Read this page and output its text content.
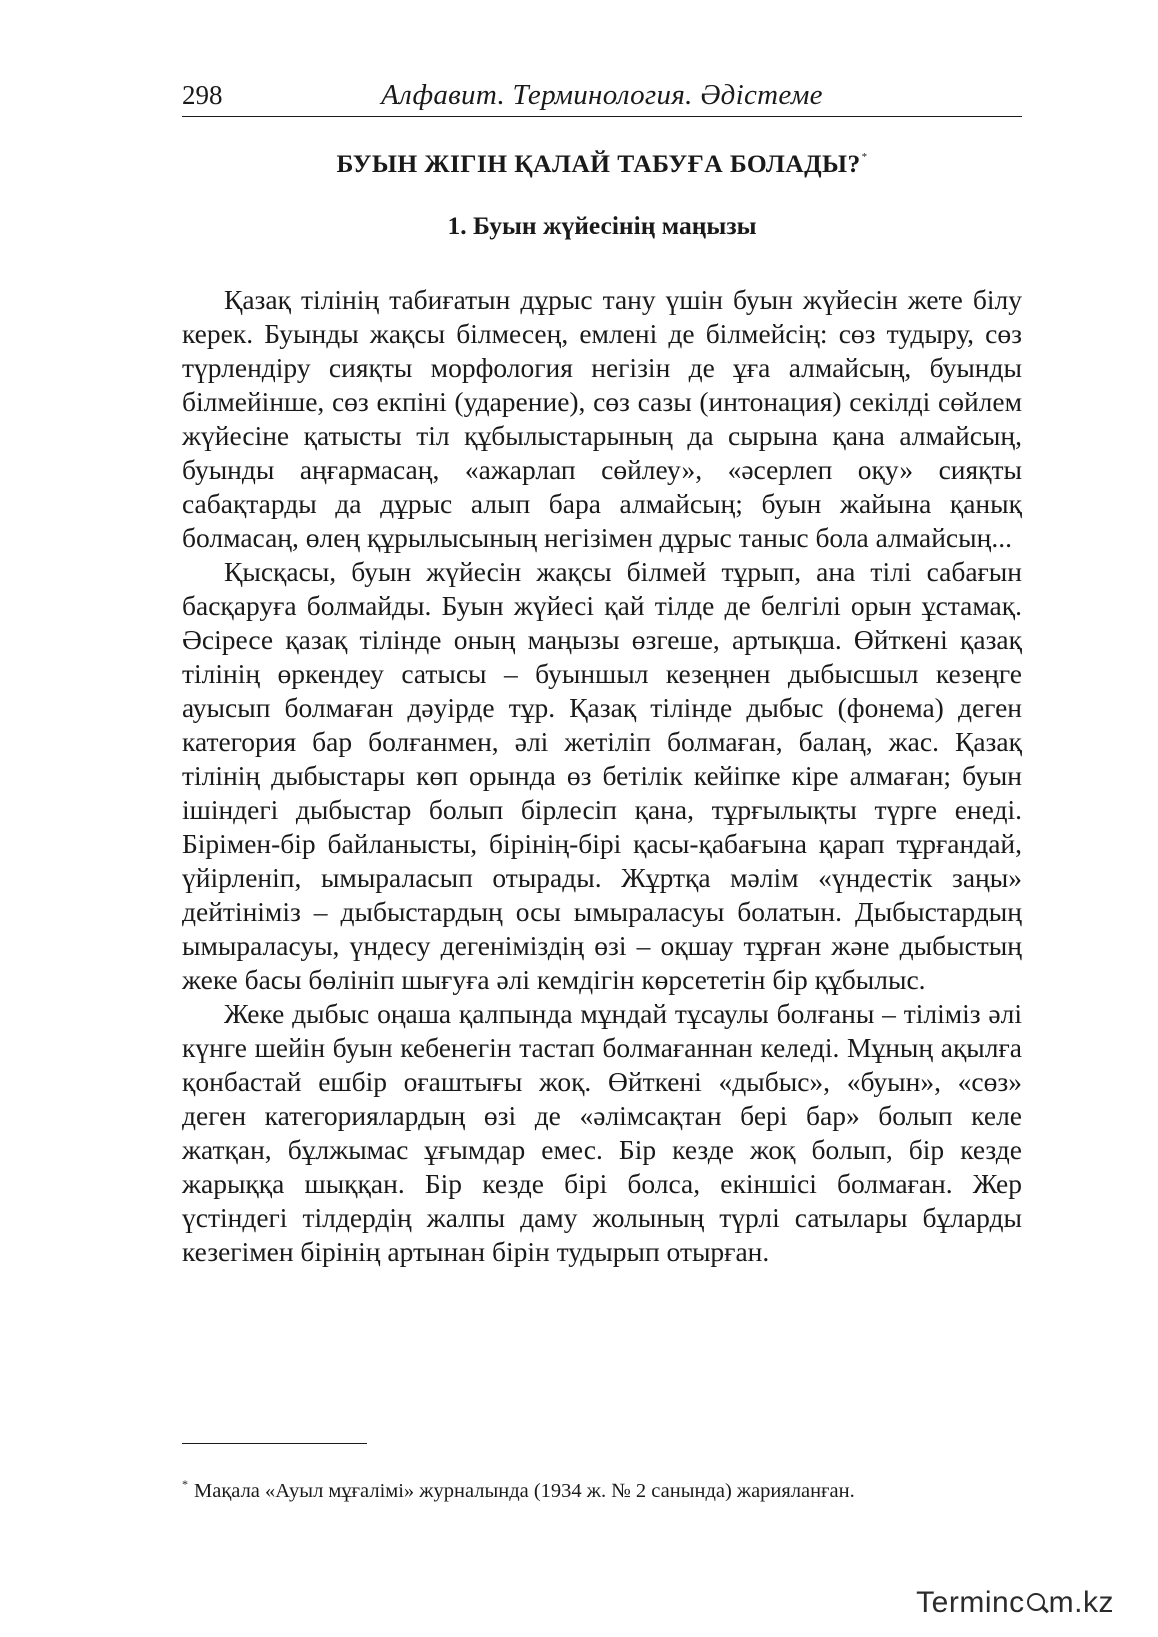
298	Алфавит. Терминология. Әдістеме
БУЫН ЖІГІН ҚАЛАЙ ТАБУҒА БОЛАДЫ?*
1. Буын жүйесінің маңызы

Қазақ тілінің табиғатын дұрыс тану үшін буын жүйесін жете білу керек. Буынды жақсы білмесең, емлені де білмейсің: сөз тудыру, сөз түрлендіру сияқты морфология негізін де ұға алмайсың, буынды білмейінше, сөз екпіні (ударение), сөз сазы (интонация) секілді сөйлем жүйесіне қатысты тіл құбылыстарының да сырына қана алмайсың, буынды аңғармасаң, «ажарлап сөйлеу», «әсерлеп оқу» сияқты сабақтарды да дұрыс алып бара алмайсың; буын жайына қанық болмасаң, өлең құрылысының негізімен дұрыс таныс бола алмайсың...

Қысқасы, буын жүйесін жақсы білмей тұрып, ана тілі сабағын басқаруға болмайды. Буын жүйесі қай тілде де белгілі орын ұстамақ. Әсіресе қазақ тілінде оның маңызы өзгеше, артықша. Өйткені қазақ тілінің өркендеу сатысы – буыншыл кезеңнен дыбысшыл кезеңге ауысып болмаған дәуірде тұр. Қазақ тілінде дыбыс (фонема) деген категория бар болғанмен, әлі жетіліп болмаған, балаң, жас. Қазақ тілінің дыбыстары көп орында өз бетілік кейіпке кіре алмаған; буын ішіндегі дыбыстар болып бірлесіп қана, тұрғылықты түрге енеді. Бірімен-бір байланысты, бірінің-бірі қасы-қабағына қарап тұрғандай, үйірленіп, ымыраласып отырады. Жұртқа мәлім «үндестік заңы» дейтініміз – дыбыстардың осы ымыраласуы болатын. Дыбыстардың ымыраласуы, үндесу дегеніміздің өзі – оқшау тұрған және дыбыстың жеке басы бөлініп шығуға әлі кемдігін көрсететін бір құбылыс.

Жеке дыбыс оңаша қалпында мұндай тұсаулы болғаны – тіліміз әлі күнге шейін буын кебенегін тастап болмағаннан келеді. Мұның ақылға қонбастай ешбір оғаштығы жоқ. Өйткені «дыбыс», «буын», «сөз» деген категориялардың өзі де «әлімсақтан бері бар» болып келе жатқан, бұлжымас ұғымдар емес. Бір кезде жоқ болып, бір кезде жарыққа шыққан. Бір кезде бірі болса, екіншісі болмаған. Жер үстіндегі тілдердің жалпы даму жолының түрлі сатылары бұларды кезегімен бірінің артынан бірін тудырып отырған.

* Мақала «Ауыл мұғалімі» журналында (1934 ж. № 2 санында) жарияланған.
Terminc m.kz
